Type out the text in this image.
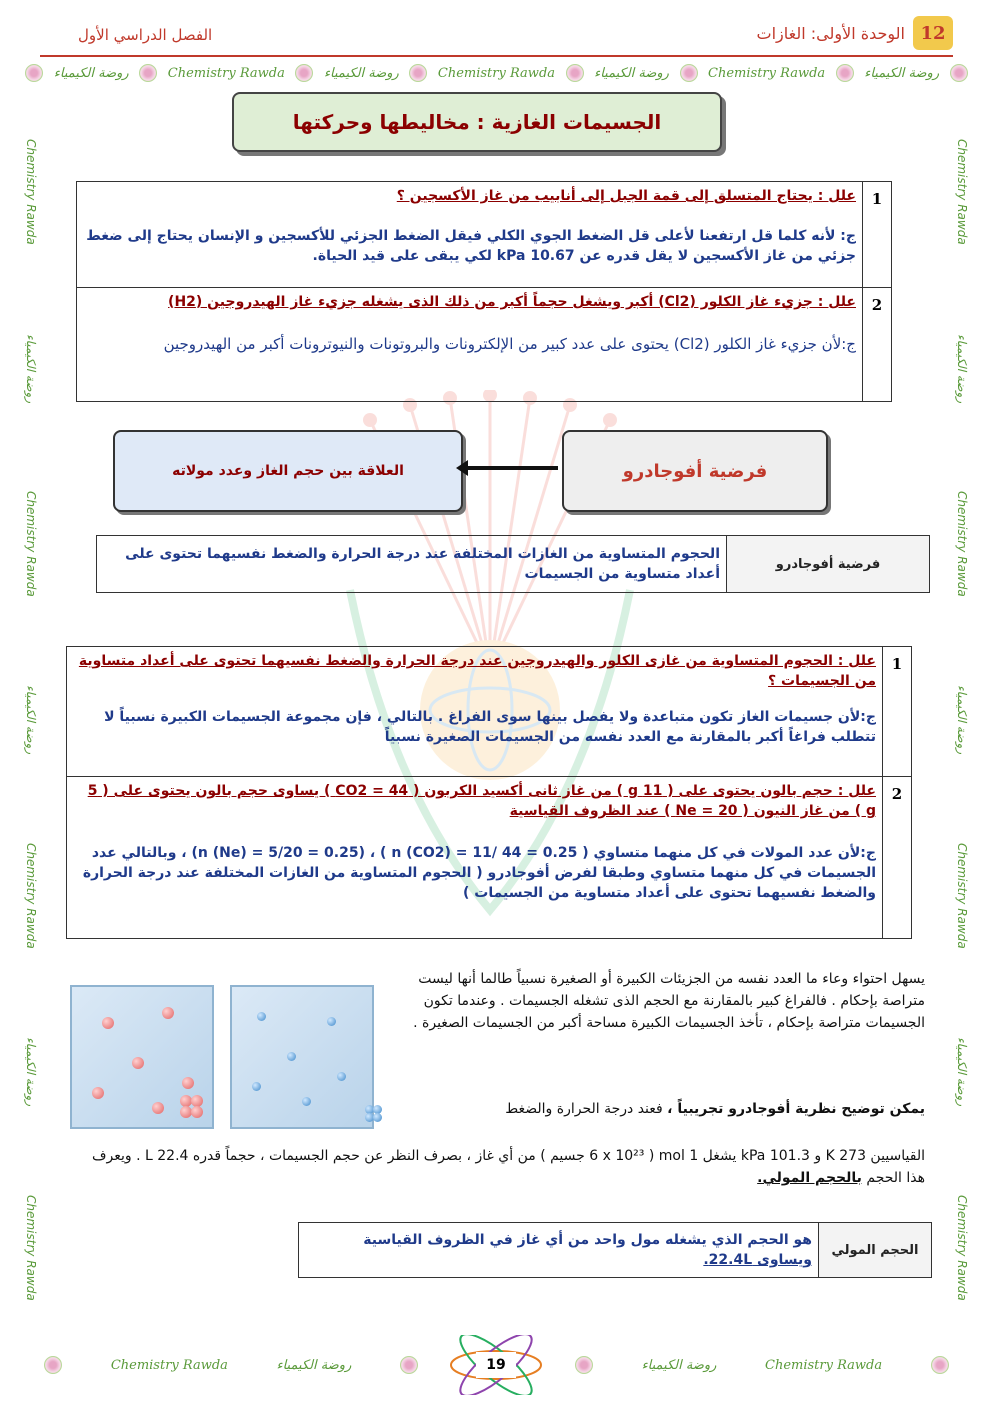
12
الوحدة الأولى: الغازات
الفصل الدراسي الأول
روضة الكيمياء	Chemistry Rawda	روضة الكيمياء	Chemistry Rawda	روضة الكيمياء	Chemistry Rawda	روضة الكيمياء
Chemistry Rawda	روضة الكيمياء	روضة الكيمياء	Chemistry Rawda
Chemistry Rawda
روضة الكيمياء
Chemistry Rawda
روضة الكيمياء
Chemistry Rawda
روضة الكيمياء
Chemistry Rawda
Chemistry Rawda
روضة الكيمياء
Chemistry Rawda
روضة الكيمياء
Chemistry Rawda
روضة الكيمياء
Chemistry Rawda
الجسيمات الغازية : مخاليطها وحركتها
1	علل : يحتاج المتسلق إلى قمة الجبل إلى أنابيب من غاز الأكسجين ؟
ج: لأنه كلما قل ارتفعنا لأعلى قل الضغط الجوي الكلي فيقل الضغط الجزئي للأكسجين و الإنسان يحتاج إلى ضغط جزئي من غاز الأكسجين لا يقل قدره عن 10.67 kPa لكي يبقى على قيد الحياة.

2	علل : جزيء غاز الكلور (Cl2) أكبر ويشغل حجماً أكبر من ذلك الذى يشغله جزيء غاز الهيدروجين (H2)
ج:لأن جزيء غاز الكلور (Cl2) يحتوى على عدد كبير من الإلكترونات والبروتونات والنيوترونات أكبر من الهيدروجين
العلاقة بين حجم الغاز وعدد مولاته	فرضية أفوجادرو
فرضية أفوجادرو	الحجوم المتساوية من الغازات المختلفة عند درجة الحرارة والضغط نفسيهما تحتوى على أعداد متساوية من الجسيمات
1	علل : الحجوم المتساوية من غازى الكلور والهيدروجين عند درجة الحرارة والضغط نفسيهما تحتوى على أعداد متساوية من الجسيمات ؟
ج:لأن جسيمات الغاز تكون متباعدة ولا يفصل بينها سوى الفراغ . بالتالي ، فإن مجموعة الجسيمات الكبيرة نسبياً لا تتطلب فراغاً أكبر بالمقارنة مع العدد نفسه من الجسيمات الصغيرة نسبياً

2	علل : حجم بالون يحتوى على ( 11 g ) من غاز ثانى أكسيد الكربون ( CO2 = 44 ) يساوى حجم بالون يحتوى على ( 5 g ) من غاز النيون ( Ne = 20 ) عند الظروف القياسية
ج:لأن عدد المولات في كل منهما متساوي ( n (CO2) = 11/ 44 = 0.25 ) ، (n (Ne) = 5/20 = 0.25) ، وبالتالي عدد الجسيمات في كل منهما متساوي وطبقا لفرض أفوجادرو ( الحجوم المتساوية من الغازات المختلفة عند درجة الحرارة والضغط نفسيهما تحتوى على أعداد متساوية من الجسيمات )
يسهل احتواء وعاء ما العدد نفسه من الجزيئات الكبيرة أو الصغيرة نسبياً طالما أنها ليست متراصة بإحكام . فالفراغ كبير بالمقارنة مع الحجم الذى تشغله الجسيمات . وعندما تكون الجسيمات متراصة بإحكام ، تأخذ الجسيمات الكبيرة مساحة أكبر من الجسيمات الصغيرة .
يمكن توضيح نظرية أفوجادرو تجريبياً ، فعند درجة الحرارة والضغط
القياسيين 273 K و 101.3 kPa يشغل 1 mol ( 6 x 10²³ جسيم ) من أي غاز ، بصرف النظر عن حجم الجسيمات ، حجماً قدره 22.4 L . ويعرف هذا الحجم بالحجم المولي.
الحجم المولي	
هو الحجم الذي يشغله مول واحد من أي غاز في الظروف القياسية
ويساوى 22.4L.
19
